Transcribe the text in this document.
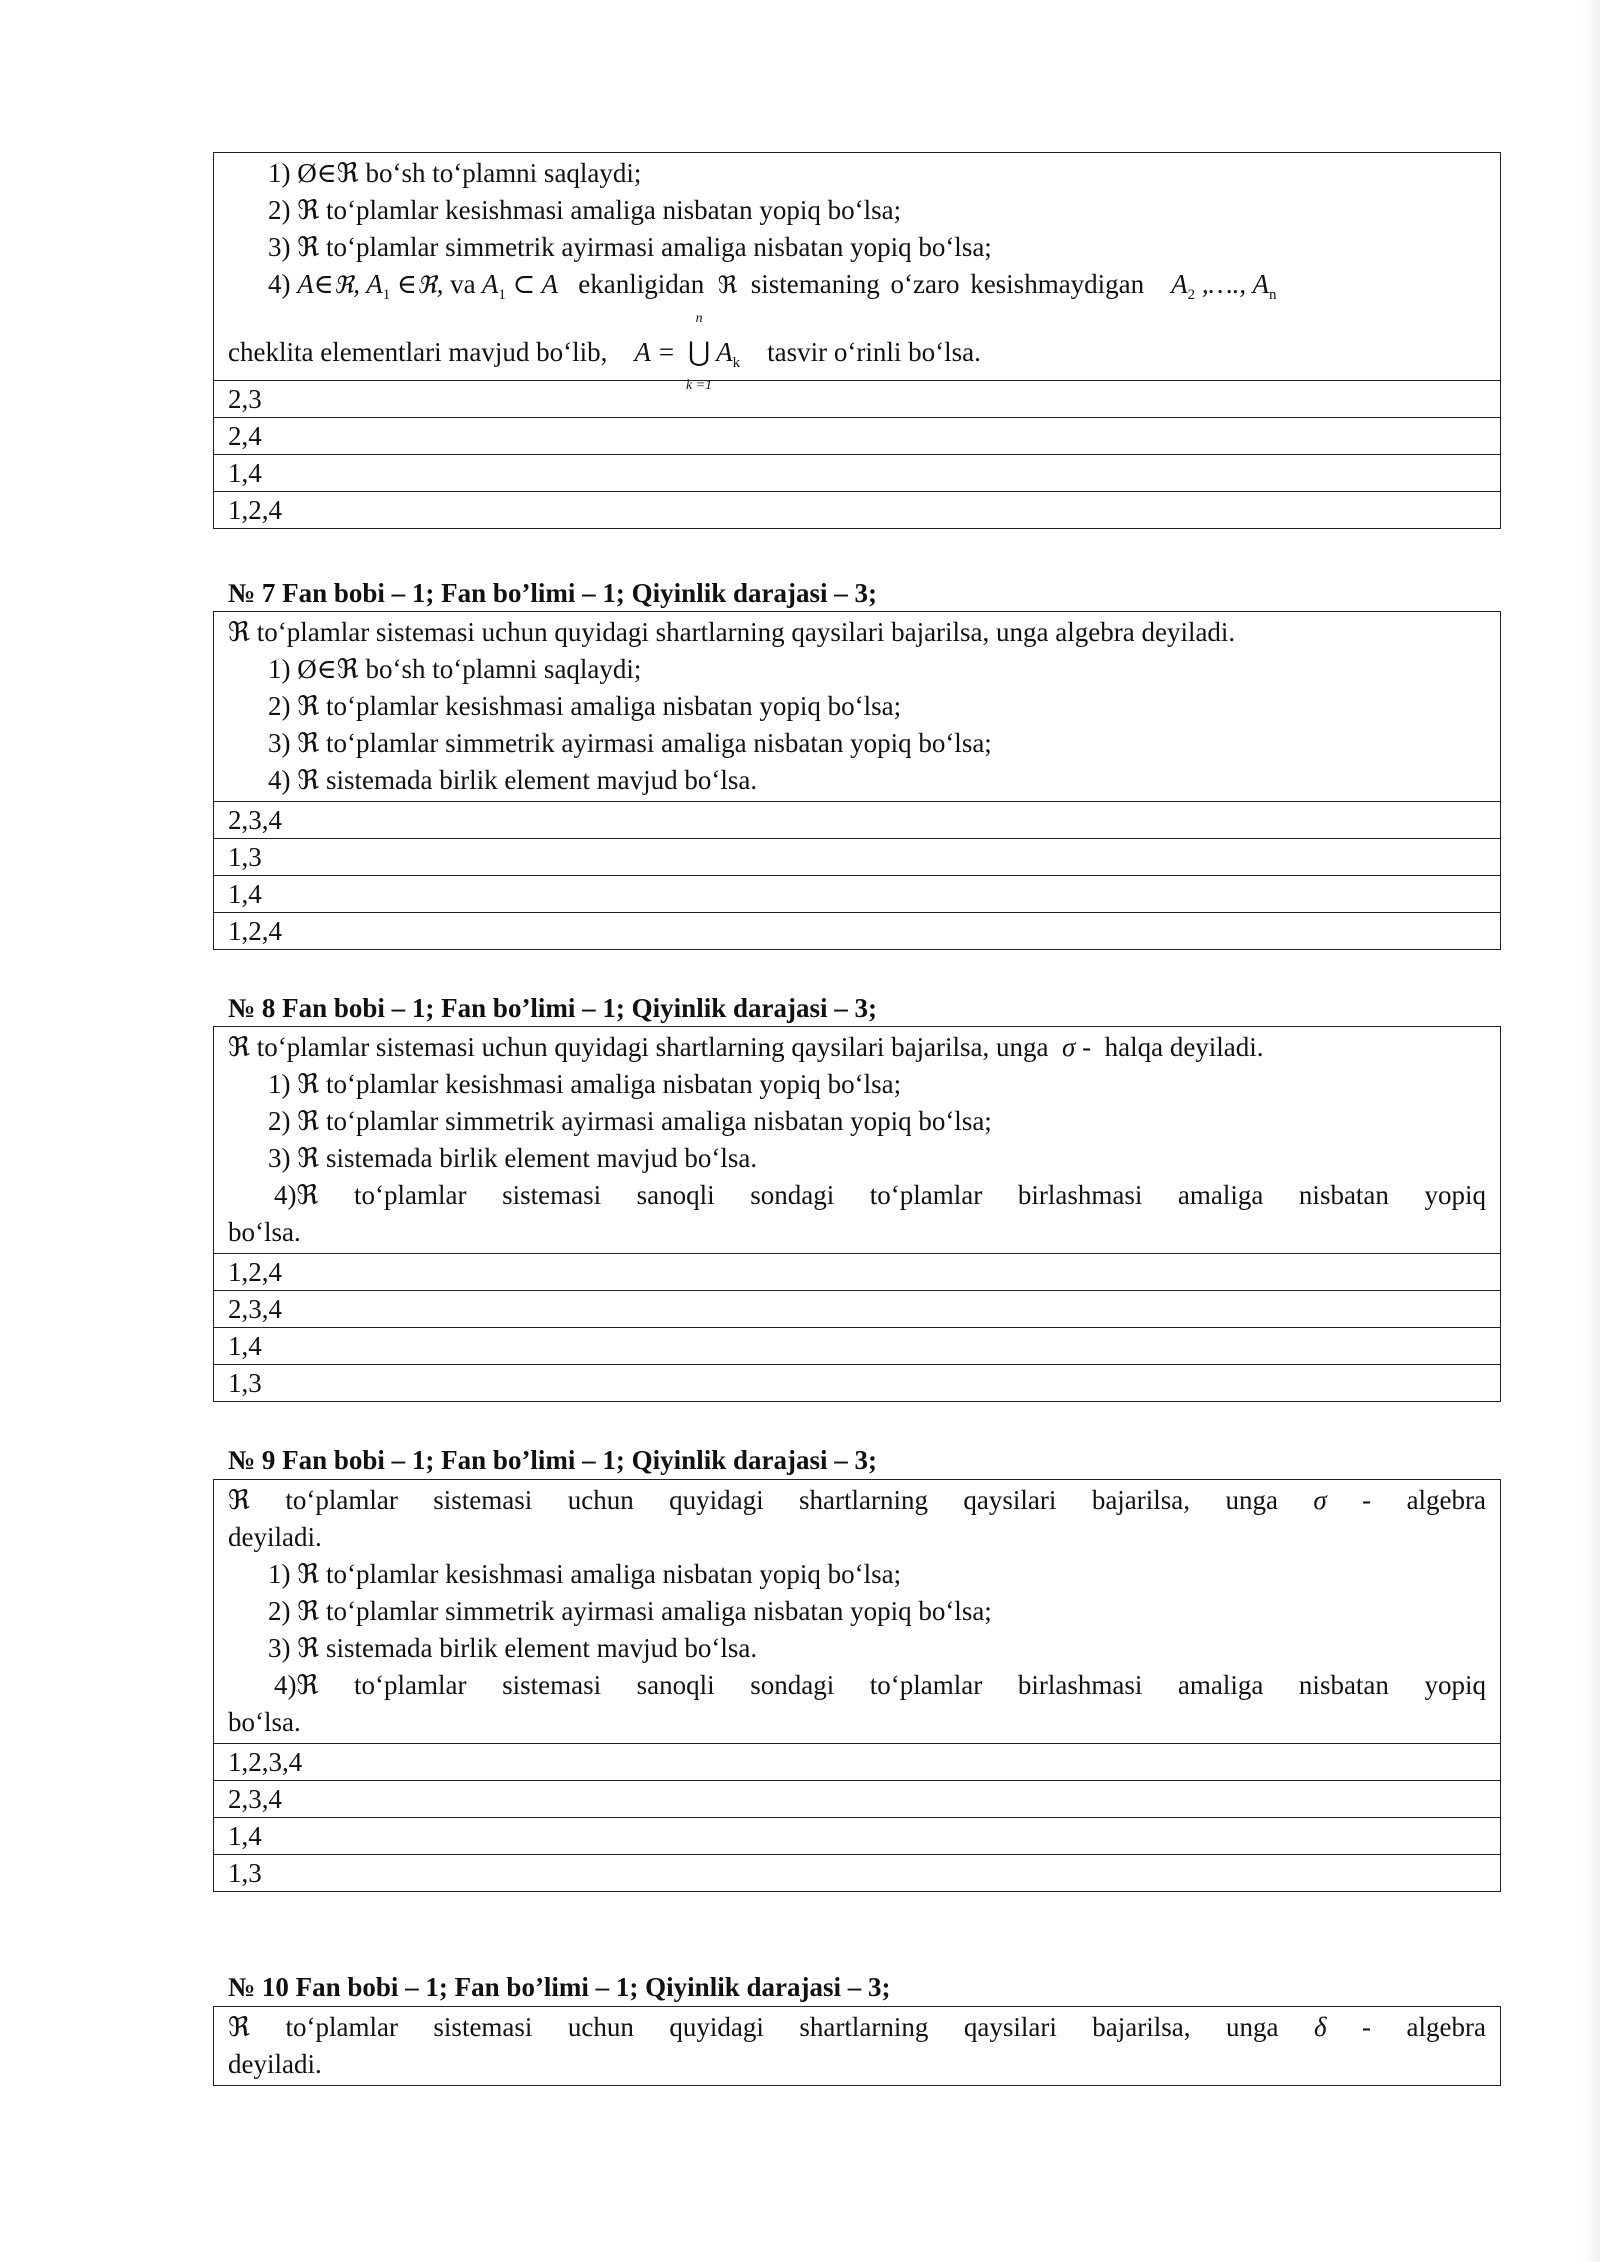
1) Ø∈ℜ bo‘sh to‘plamni saqlaydi;
2) ℜ to‘plamlar kesishmasi amaliga nisbatan yopiq bo‘lsa;
3) ℜ to‘plamlar simmetrik ayirmasi amaliga nisbatan yopiq bo‘lsa;
4) A∈ℜ, $A_1$ ∈ℜ, va $A_1$ ⊂ A ekanligidan ℜ sistemaning o‘zaro kesishmaydigan $A_2$ ,…., $A_n$
cheklita elementlari mavjud bo‘lib, A =
n
⋃
k =1
$A_k$ tasvir o‘rinli bo‘lsa.
2,3
2,4
1,4
1,2,4
№ 7 Fan bobi – 1; Fan bo’limi – 1; Qiyinlik darajasi – 3;
ℜ to‘plamlar sistemasi uchun quyidagi shartlarning qaysilari bajarilsa, unga algebra deyiladi.
1) Ø∈ℜ bo‘sh to‘plamni saqlaydi;
2) ℜ to‘plamlar kesishmasi amaliga nisbatan yopiq bo‘lsa;
3) ℜ to‘plamlar simmetrik ayirmasi amaliga nisbatan yopiq bo‘lsa;
4) ℜ sistemada birlik element mavjud bo‘lsa.
2,3,4
1,3
1,4
1,2,4
№ 8 Fan bobi – 1; Fan bo’limi – 1; Qiyinlik darajasi – 3;
ℜ to‘plamlar sistemasi uchun quyidagi shartlarning qaysilari bajarilsa, unga σ - halqa deyiladi.
1) ℜ to‘plamlar kesishmasi amaliga nisbatan yopiq bo‘lsa;
2) ℜ to‘plamlar simmetrik ayirmasi amaliga nisbatan yopiq bo‘lsa;
3) ℜ sistemada birlik element mavjud bo‘lsa.
4)ℜ to‘plamlar sistemasi sanoqli sondagi to‘plamlar birlashmasi amaliga nisbatan yopiq
bo‘lsa.
1,2,4
2,3,4
1,4
1,3
№ 9 Fan bobi – 1; Fan bo’limi – 1; Qiyinlik darajasi – 3;
ℜ to‘plamlar sistemasi uchun quyidagi shartlarning qaysilari bajarilsa, unga σ - algebra
deyiladi.
1) ℜ to‘plamlar kesishmasi amaliga nisbatan yopiq bo‘lsa;
2) ℜ to‘plamlar simmetrik ayirmasi amaliga nisbatan yopiq bo‘lsa;
3) ℜ sistemada birlik element mavjud bo‘lsa.
4)ℜ to‘plamlar sistemasi sanoqli sondagi to‘plamlar birlashmasi amaliga nisbatan yopiq
bo‘lsa.
1,2,3,4
2,3,4
1,4
1,3
№ 10 Fan bobi – 1; Fan bo’limi – 1; Qiyinlik darajasi – 3;
ℜ to‘plamlar sistemasi uchun quyidagi shartlarning qaysilari bajarilsa, unga δ - algebra
deyiladi.
